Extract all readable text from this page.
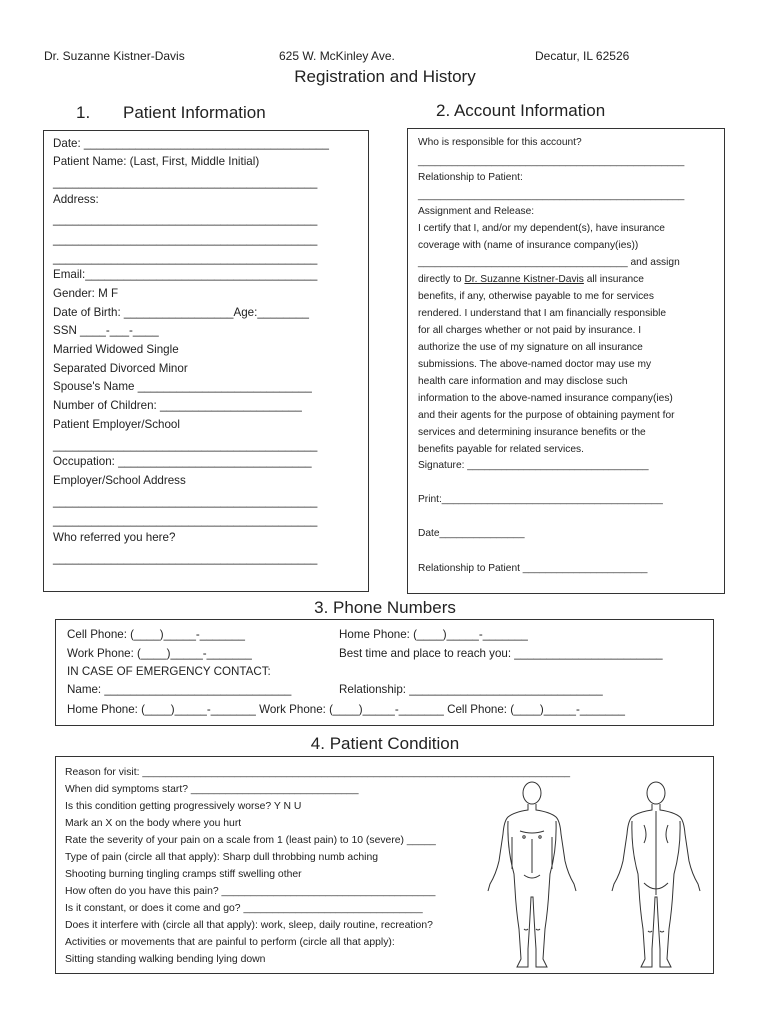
Dr. Suzanne Kistner-Davis	625 W. McKinley Ave.	Decatur, IL 62526
Registration and History
1. Patient Information	2. Account Information
Date: ______________________________________
Patient Name: (Last, First, Middle Initial)
_________________________________________
Address:
_________________________________________
_________________________________________
_________________________________________
Email:____________________________________
Gender: M F
Date of Birth: _________________Age:________
SSN ____-___-____
Married Widowed Single
Separated Divorced Minor
Spouse's Name ___________________________
Number of Children: ______________________
Patient Employer/School
_________________________________________
Occupation: ______________________________
Employer/School Address
_________________________________________
_________________________________________
Who referred you here?
_________________________________________
Who is responsible for this account?
_______________________________________________
Relationship to Patient:
_______________________________________________
Assignment and Release:
I certify that I, and/or my dependent(s), have insurance
coverage with (name of insurance company(ies))
_____________________________________ and assign
directly to Dr. Suzanne Kistner-Davis all insurance
benefits, if any, otherwise payable to me for services
rendered. I understand that I am financially responsible
for all charges whether or not paid by insurance. I
authorize the use of my signature on all insurance
submissions. The above-named doctor may use my
health care information and may disclose such
information to the above-named insurance company(ies)
and their agents for the purpose of obtaining payment for
services and determining insurance benefits or the
benefits payable for related services.
Signature: ________________________________
Print:_______________________________________
Date_______________
Relationship to Patient ______________________
3. Phone Numbers
Cell Phone: (____)_____-_______	Home Phone: (____)_____-_______
Work Phone: (____)_____-_______	Best time and place to reach you: _______________________
IN CASE OF EMERGENCY CONTACT:
Name: _____________________________	Relationship: ______________________________
Home Phone: (____)_____-_______ Work Phone: (____)_____-_______ Cell Phone: (____)_____-_______
4. Patient Condition
Reason for visit: __________________________________________________________________________
When did symptoms start? _____________________________
Is this condition getting progressively worse? Y N U
Mark an X on the body where you hurt
Rate the severity of your pain on a scale from 1 (least pain) to 10 (severe) _____
Type of pain (circle all that apply): Sharp dull throbbing numb aching
Shooting burning tingling cramps stiff swelling other
How often do you have this pain? _____________________________________
Is it constant, or does it come and go? _______________________________
Does it interfere with (circle all that apply): work, sleep, daily routine, recreation?
Activities or movements that are painful to perform (circle all that apply):
Sitting standing walking bending lying down
